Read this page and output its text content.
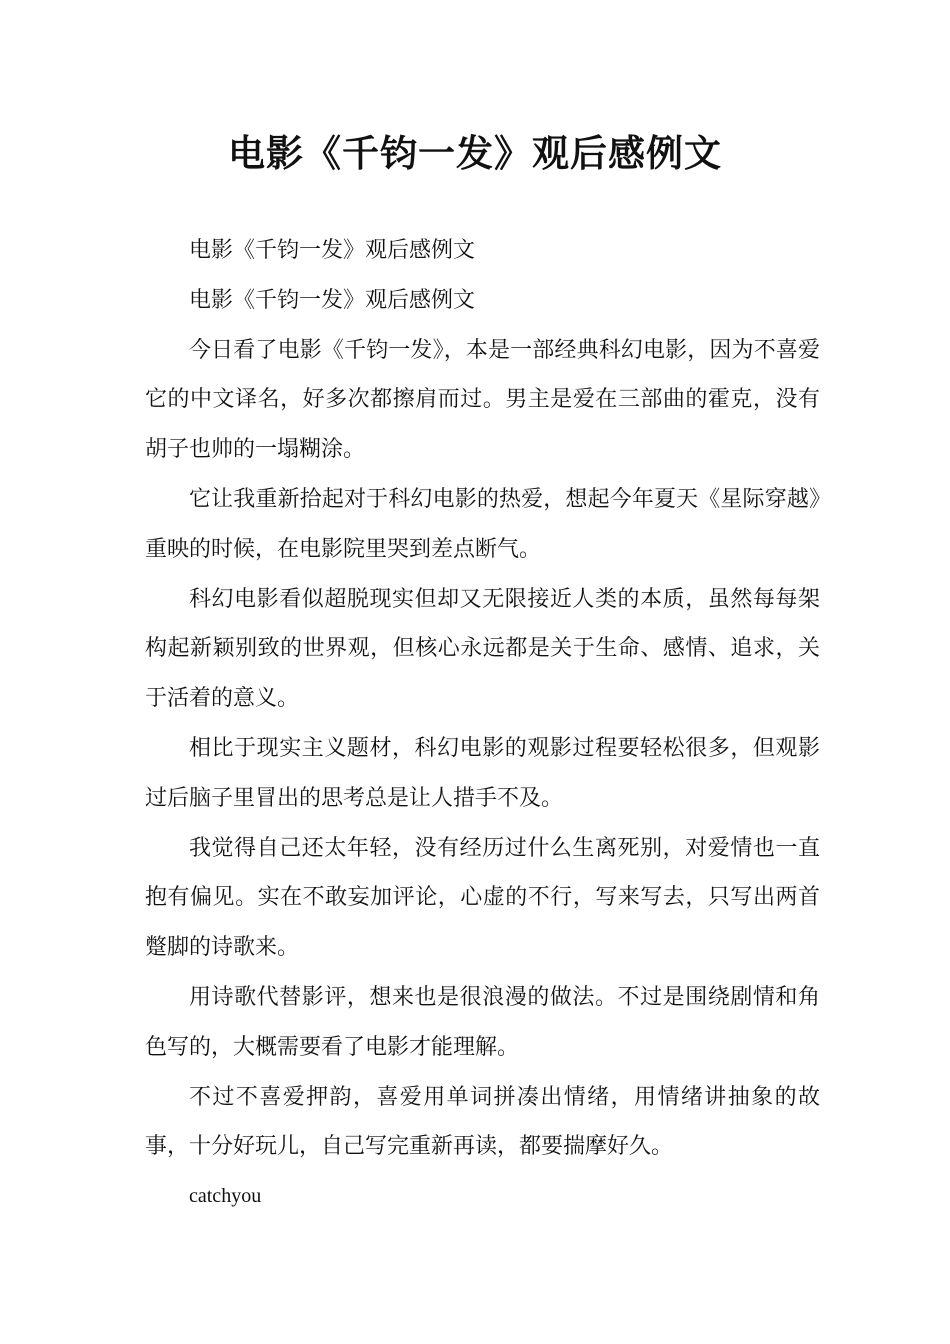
电影《千钧一发》观后感例文

电影《千钧一发》观后感例文

电影《千钧一发》观后感例文

今日看了电影《千钧一发》，本是一部经典科幻电影，因为不喜爱它的中文译名，好多次都擦肩而过。男主是爱在三部曲的霍克，没有胡子也帅的一塌糊涂。

它让我重新拾起对于科幻电影的热爱，想起今年夏天《星际穿越》重映的时候，在电影院里哭到差点断气。

科幻电影看似超脱现实但却又无限接近人类的本质，虽然每每架构起新颖别致的世界观，但核心永远都是关于生命、感情、追求，关于活着的意义。

相比于现实主义题材，科幻电影的观影过程要轻松很多，但观影过后脑子里冒出的思考总是让人措手不及。

我觉得自己还太年轻，没有经历过什么生离死别，对爱情也一直抱有偏见。实在不敢妄加评论，心虚的不行，写来写去，只写出两首蹩脚的诗歌来。

用诗歌代替影评，想来也是很浪漫的做法。不过是围绕剧情和角色写的，大概需要看了电影才能理解。

不过不喜爱押韵，喜爱用单词拼凑出情绪，用情绪讲抽象的故事，十分好玩儿，自己写完重新再读，都要揣摩好久。

catchyou
